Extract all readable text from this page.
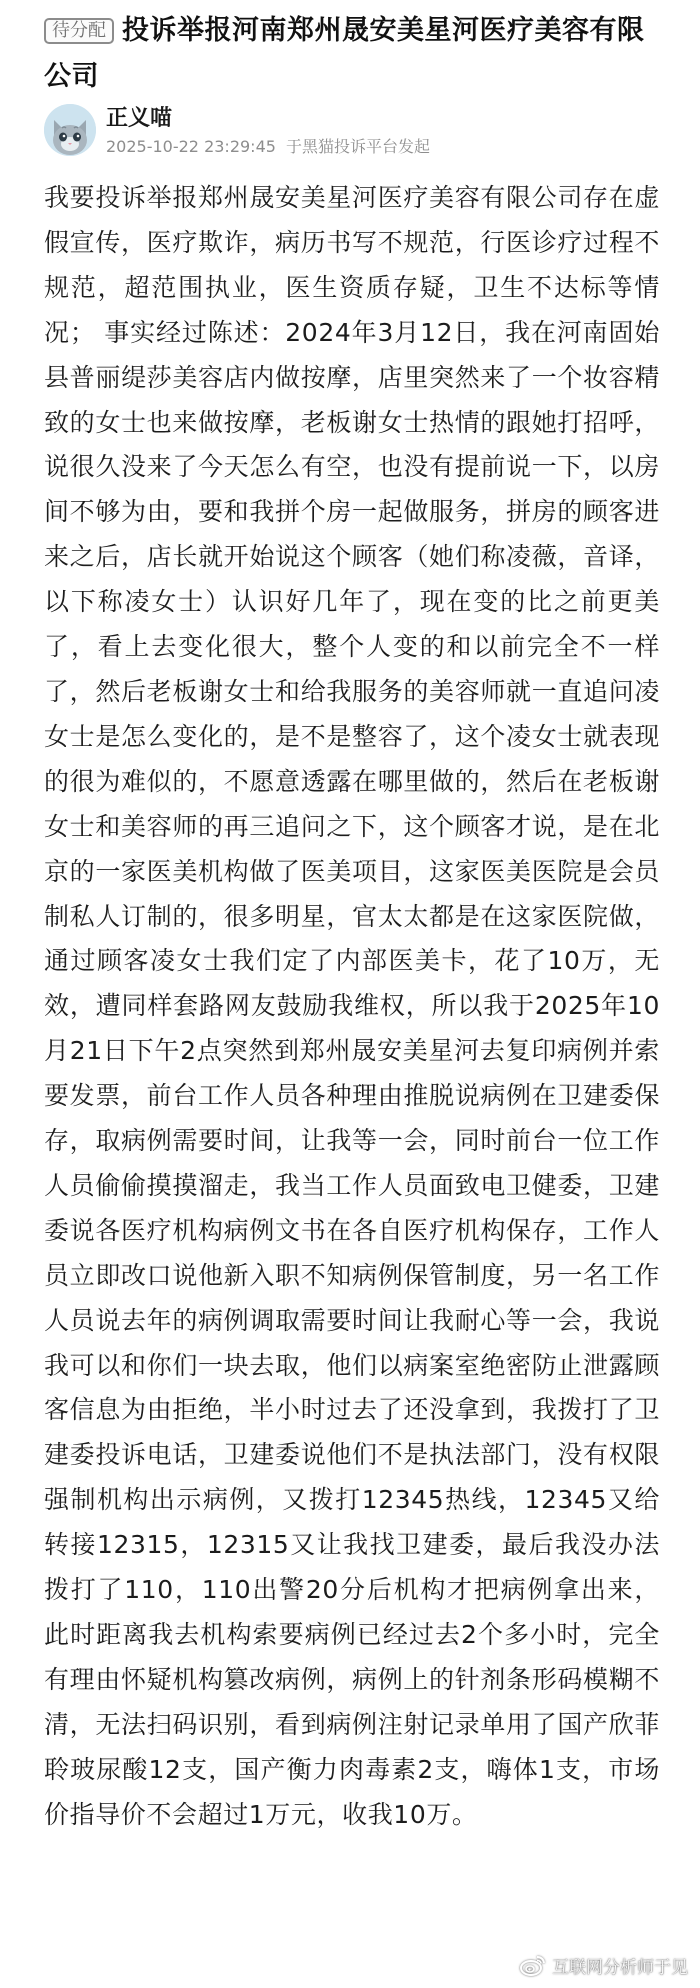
待分配 投诉举报河南郑州晟安美星河医疗美容有限公司
正义喵
2025-10-22 23:29:45 于黑猫投诉平台发起
我要投诉举报郑州晟安美星河医疗美容有限公司存在虚假宣传，医疗欺诈，病历书写不规范，行医诊疗过程不规范，超范围执业，医生资质存疑，卫生不达标等情况； 事实经过陈述：2024年3月12日，我在河南固始县普丽缇莎美容店内做按摩，店里突然来了一个妆容精致的女士也来做按摩，老板谢女士热情的跟她打招呼，说很久没来了今天怎么有空，也没有提前说一下，以房间不够为由，要和我拼个房一起做服务，拼房的顾客进来之后，店长就开始说这个顾客（她们称凌薇，音译，以下称凌女士）认识好几年了，现在变的比之前更美了，看上去变化很大，整个人变的和以前完全不一样了，然后老板谢女士和给我服务的美容师就一直追问凌女士是怎么变化的，是不是整容了，这个凌女士就表现的很为难似的，不愿意透露在哪里做的，然后在老板谢女士和美容师的再三追问之下，这个顾客才说，是在北京的一家医美机构做了医美项目，这家医美医院是会员制私人订制的，很多明星，官太太都是在这家医院做，通过顾客凌女士我们定了内部医美卡，花了10万，无效，遭同样套路网友鼓励我维权，所以我于2025年10月21日下午2点突然到郑州晟安美星河去复印病例并索要发票，前台工作人员各种理由推脱说病例在卫建委保存，取病例需要时间，让我等一会，同时前台一位工作人员偷偷摸摸溜走，我当工作人员面致电卫健委，卫建委说各医疗机构病例文书在各自医疗机构保存，工作人员立即改口说他新入职不知病例保管制度，另一名工作人员说去年的病例调取需要时间让我耐心等一会，我说我可以和你们一块去取，他们以病案室绝密防止泄露顾客信息为由拒绝，半小时过去了还没拿到，我拨打了卫建委投诉电话，卫建委说他们不是执法部门，没有权限强制机构出示病例，又拨打12345热线，12345又给转接12315，12315又让我找卫建委，最后我没办法拨打了110，110出警20分后机构才把病例拿出来，此时距离我去机构索要病例已经过去2个多小时，完全有理由怀疑机构篡改病例，病例上的针剂条形码模糊不清，无法扫码识别，看到病例注射记录单用了国产欣菲聆玻尿酸12支，国产衡力肉毒素2支，嗨体1支，市场价指导价不会超过1万元，收我10万。
互联网分析师于见
